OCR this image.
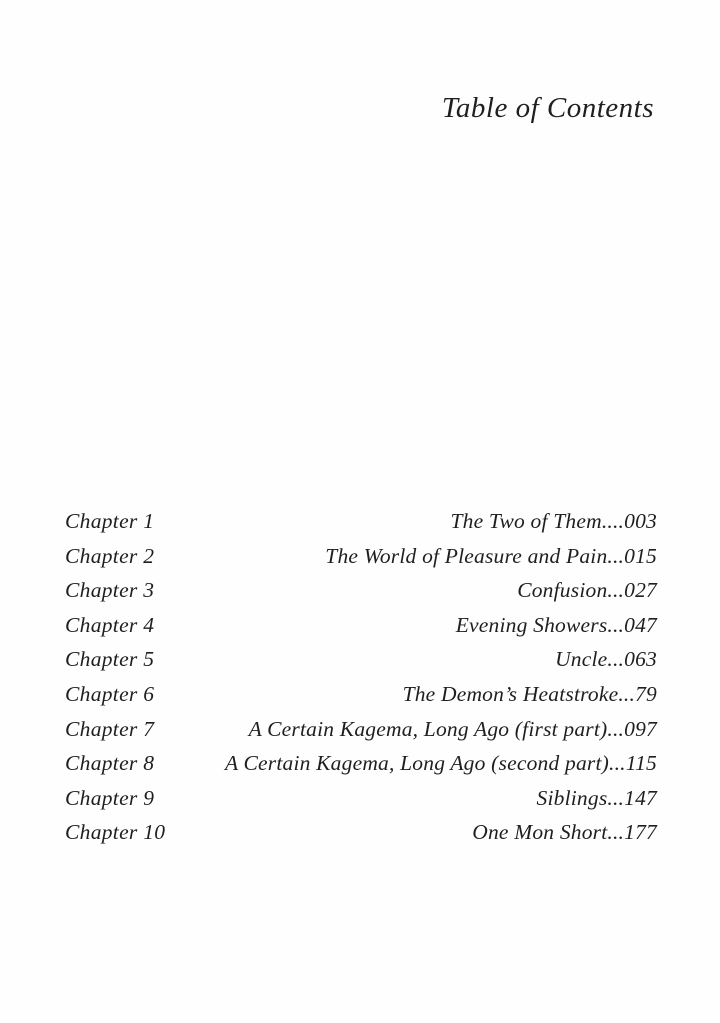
Table of Contents
Chapter 1	The Two of Them....003
Chapter 2	The World of Pleasure and Pain...015
Chapter 3	Confusion...027
Chapter 4	Evening Showers...047
Chapter 5	Uncle...063
Chapter 6	The Demon’s Heatstroke...79
Chapter 7	A Certain Kagema, Long Ago (first part)...097
Chapter 8	A Certain Kagema, Long Ago (second part)...115
Chapter 9	Siblings...147
Chapter 10	One Mon Short...177
